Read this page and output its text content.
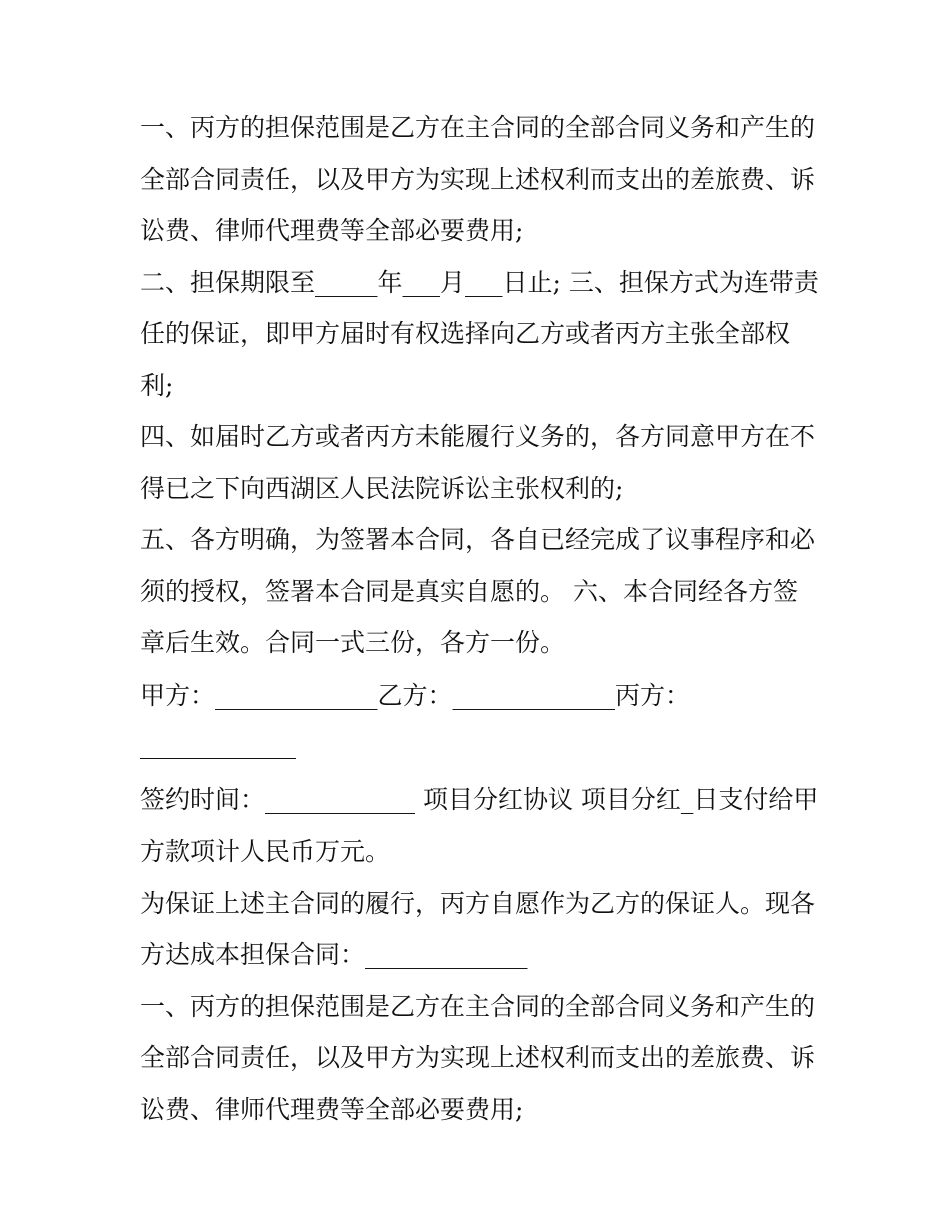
一、丙方的担保范围是乙方在主合同的全部合同义务和产生的
全部合同责任，以及甲方为实现上述权利而支出的差旅费、诉
讼费、律师代理费等全部必要费用;
二、担保期限至_____年___月___日止; 三、担保方式为连带责
任的保证，即甲方届时有权选择向乙方或者丙方主张全部权
利;
四、如届时乙方或者丙方未能履行义务的，各方同意甲方在不
得已之下向西湖区人民法院诉讼主张权利的;
五、各方明确，为签署本合同，各自已经完成了议事程序和必
须的授权，签署本合同是真实自愿的。 六、本合同经各方签
章后生效。合同一式三份，各方一份。
甲方：_____________乙方：_____________丙方：

签约时间：____________ 项目分红协议 项目分红_日支付给甲
方款项计人民币万元。
为保证上述主合同的履行，丙方自愿作为乙方的保证人。现各
方达成本担保合同：_____________
一、丙方的担保范围是乙方在主合同的全部合同义务和产生的
全部合同责任，以及甲方为实现上述权利而支出的差旅费、诉
讼费、律师代理费等全部必要费用;
